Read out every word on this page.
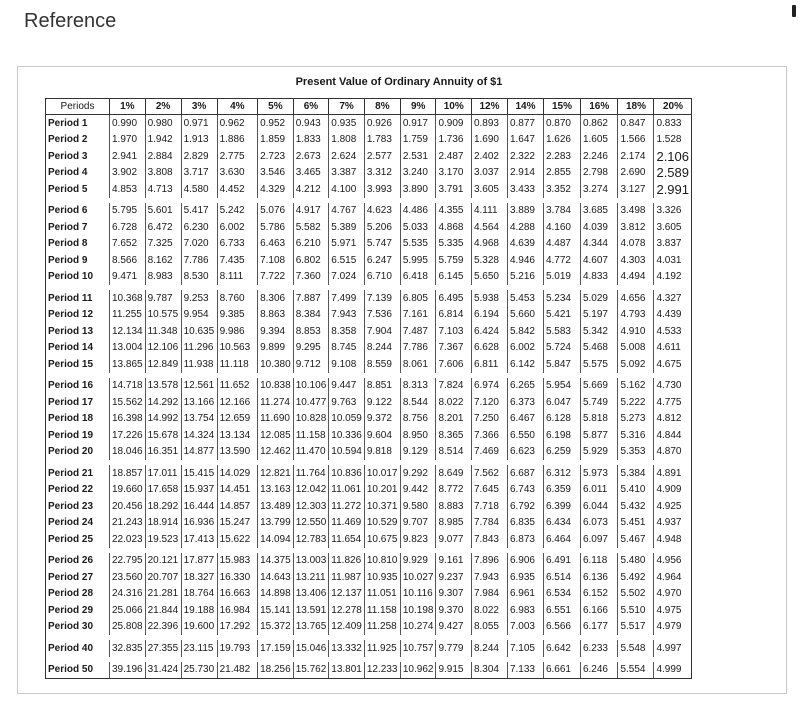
Reference
Present Value of Ordinary Annuity of $1
Periods	1%	2%	3%	4%	5%	6%	7%	8%	9%	10%	12%	14%	15%	16%	18%	20%
Period 1	0.990	0.980	0.971	0.962	0.952	0.943	0.935	0.926	0.917	0.909	0.893	0.877	0.870	0.862	0.847	0.833
Period 2	1.970	1.942	1.913	1.886	1.859	1.833	1.808	1.783	1.759	1.736	1.690	1.647	1.626	1.605	1.566	1.528
Period 3	2.941	2.884	2.829	2.775	2.723	2.673	2.624	2.577	2.531	2.487	2.402	2.322	2.283	2.246	2.174	2.106
Period 4	3.902	3.808	3.717	3.630	3.546	3.465	3.387	3.312	3.240	3.170	3.037	2.914	2.855	2.798	2.690	2.589
Period 5	4.853	4.713	4.580	4.452	4.329	4.212	4.100	3.993	3.890	3.791	3.605	3.433	3.352	3.274	3.127	2.991

Period 6	5.795	5.601	5.417	5.242	5.076	4.917	4.767	4.623	4.486	4.355	4.111	3.889	3.784	3.685	3.498	3.326
Period 7	6.728	6.472	6.230	6.002	5.786	5.582	5.389	5.206	5.033	4.868	4.564	4.288	4.160	4.039	3.812	3.605
Period 8	7.652	7.325	7.020	6.733	6.463	6.210	5.971	5.747	5.535	5.335	4.968	4.639	4.487	4.344	4.078	3.837
Period 9	8.566	8.162	7.786	7.435	7.108	6.802	6.515	6.247	5.995	5.759	5.328	4.946	4.772	4.607	4.303	4.031
Period 10	9.471	8.983	8.530	8.111	7.722	7.360	7.024	6.710	6.418	6.145	5.650	5.216	5.019	4.833	4.494	4.192

Period 11	10.368	9.787	9.253	8.760	8.306	7.887	7.499	7.139	6.805	6.495	5.938	5.453	5.234	5.029	4.656	4.327
Period 12	11.255	10.575	9.954	9.385	8.863	8.384	7.943	7.536	7.161	6.814	6.194	5.660	5.421	5.197	4.793	4.439
Period 13	12.134	11.348	10.635	9.986	9.394	8.853	8.358	7.904	7.487	7.103	6.424	5.842	5.583	5.342	4.910	4.533
Period 14	13.004	12.106	11.296	10.563	9.899	9.295	8.745	8.244	7.786	7.367	6.628	6.002	5.724	5.468	5.008	4.611
Period 15	13.865	12.849	11.938	11.118	10.380	9.712	9.108	8.559	8.061	7.606	6.811	6.142	5.847	5.575	5.092	4.675

Period 16	14.718	13.578	12.561	11.652	10.838	10.106	9.447	8.851	8.313	7.824	6.974	6.265	5.954	5.669	5.162	4.730
Period 17	15.562	14.292	13.166	12.166	11.274	10.477	9.763	9.122	8.544	8.022	7.120	6.373	6.047	5.749	5.222	4.775
Period 18	16.398	14.992	13.754	12.659	11.690	10.828	10.059	9.372	8.756	8.201	7.250	6.467	6.128	5.818	5.273	4.812
Period 19	17.226	15.678	14.324	13.134	12.085	11.158	10.336	9.604	8.950	8.365	7.366	6.550	6.198	5.877	5.316	4.844
Period 20	18.046	16.351	14.877	13.590	12.462	11.470	10.594	9.818	9.129	8.514	7.469	6.623	6.259	5.929	5.353	4.870

Period 21	18.857	17.011	15.415	14.029	12.821	11.764	10.836	10.017	9.292	8.649	7.562	6.687	6.312	5.973	5.384	4.891
Period 22	19.660	17.658	15.937	14.451	13.163	12.042	11.061	10.201	9.442	8.772	7.645	6.743	6.359	6.011	5.410	4.909
Period 23	20.456	18.292	16.444	14.857	13.489	12.303	11.272	10.371	9.580	8.883	7.718	6.792	6.399	6.044	5.432	4.925
Period 24	21.243	18.914	16.936	15.247	13.799	12.550	11.469	10.529	9.707	8.985	7.784	6.835	6.434	6.073	5.451	4.937
Period 25	22.023	19.523	17.413	15.622	14.094	12.783	11.654	10.675	9.823	9.077	7.843	6.873	6.464	6.097	5.467	4.948

Period 26	22.795	20.121	17.877	15.983	14.375	13.003	11.826	10.810	9.929	9.161	7.896	6.906	6.491	6.118	5.480	4.956
Period 27	23.560	20.707	18.327	16.330	14.643	13.211	11.987	10.935	10.027	9.237	7.943	6.935	6.514	6.136	5.492	4.964
Period 28	24.316	21.281	18.764	16.663	14.898	13.406	12.137	11.051	10.116	9.307	7.984	6.961	6.534	6.152	5.502	4.970
Period 29	25.066	21.844	19.188	16.984	15.141	13.591	12.278	11.158	10.198	9.370	8.022	6.983	6.551	6.166	5.510	4.975
Period 30	25.808	22.396	19.600	17.292	15.372	13.765	12.409	11.258	10.274	9.427	8.055	7.003	6.566	6.177	5.517	4.979

Period 40	32.835	27.355	23.115	19.793	17.159	15.046	13.332	11.925	10.757	9.779	8.244	7.105	6.642	6.233	5.548	4.997

Period 50	39.196	31.424	25.730	21.482	18.256	15.762	13.801	12.233	10.962	9.915	8.304	7.133	6.661	6.246	5.554	4.999
